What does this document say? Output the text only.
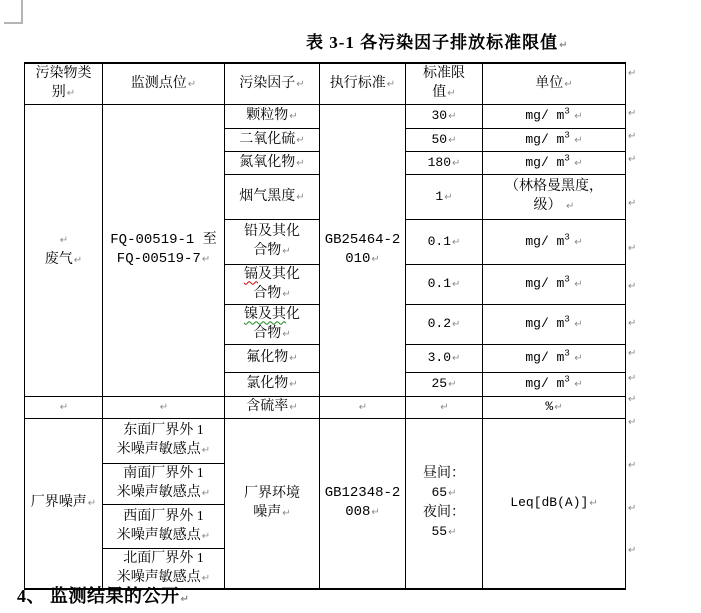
表 3-1 各污染因子排放标准限值↵
污染物类
别↵	监测点位↵	污染因子↵	执行标准↵	标准限
值↵	单位↵

↵
废气↵	FQ-00519-1 至
FQ-00519-7↵	颗粒物↵	GB25464-2
010↵	30↵	mg/ $m^3$ ↵
		二氧化硫↵		50↵	mg/ $m^3$ ↵
		氮氧化物↵		180↵	mg/ $m^3$ ↵
		烟气黑度↵		1↵	（林格曼黑度，
级） ↵

		铅及其化
合物↵		0.1↵	mg/ $m^3$ ↵

		镉及其化
合物↵		0.1↵	mg/ $m^3$ ↵

		镍及其化
合物↵		0.2↵	mg/ $m^3$ ↵
		氟化物↵		3.0↵	mg/ $m^3$ ↵
		氯化物↵		25↵	mg/ $m^3$ ↵
↵	↵	含硫率↵	↵	↵	%↵
厂界噪声↵	东面厂界外 1
米噪声敏感点↵	厂界环境
噪声↵	GB12348-2
008↵	昼间：
65↵
夜间：
55↵	Leq[dB(A)]↵

	南面厂界外 1
米噪声敏感点↵				

	西面厂界外 1
米噪声敏感点↵				

	北面厂界外 1
米噪声敏感点↵				
↵
↵
↵
↵
↵
↵
↵
↵
↵
↵
↵
↵
↵
↵
↵
4、 监测结果的公开↵
